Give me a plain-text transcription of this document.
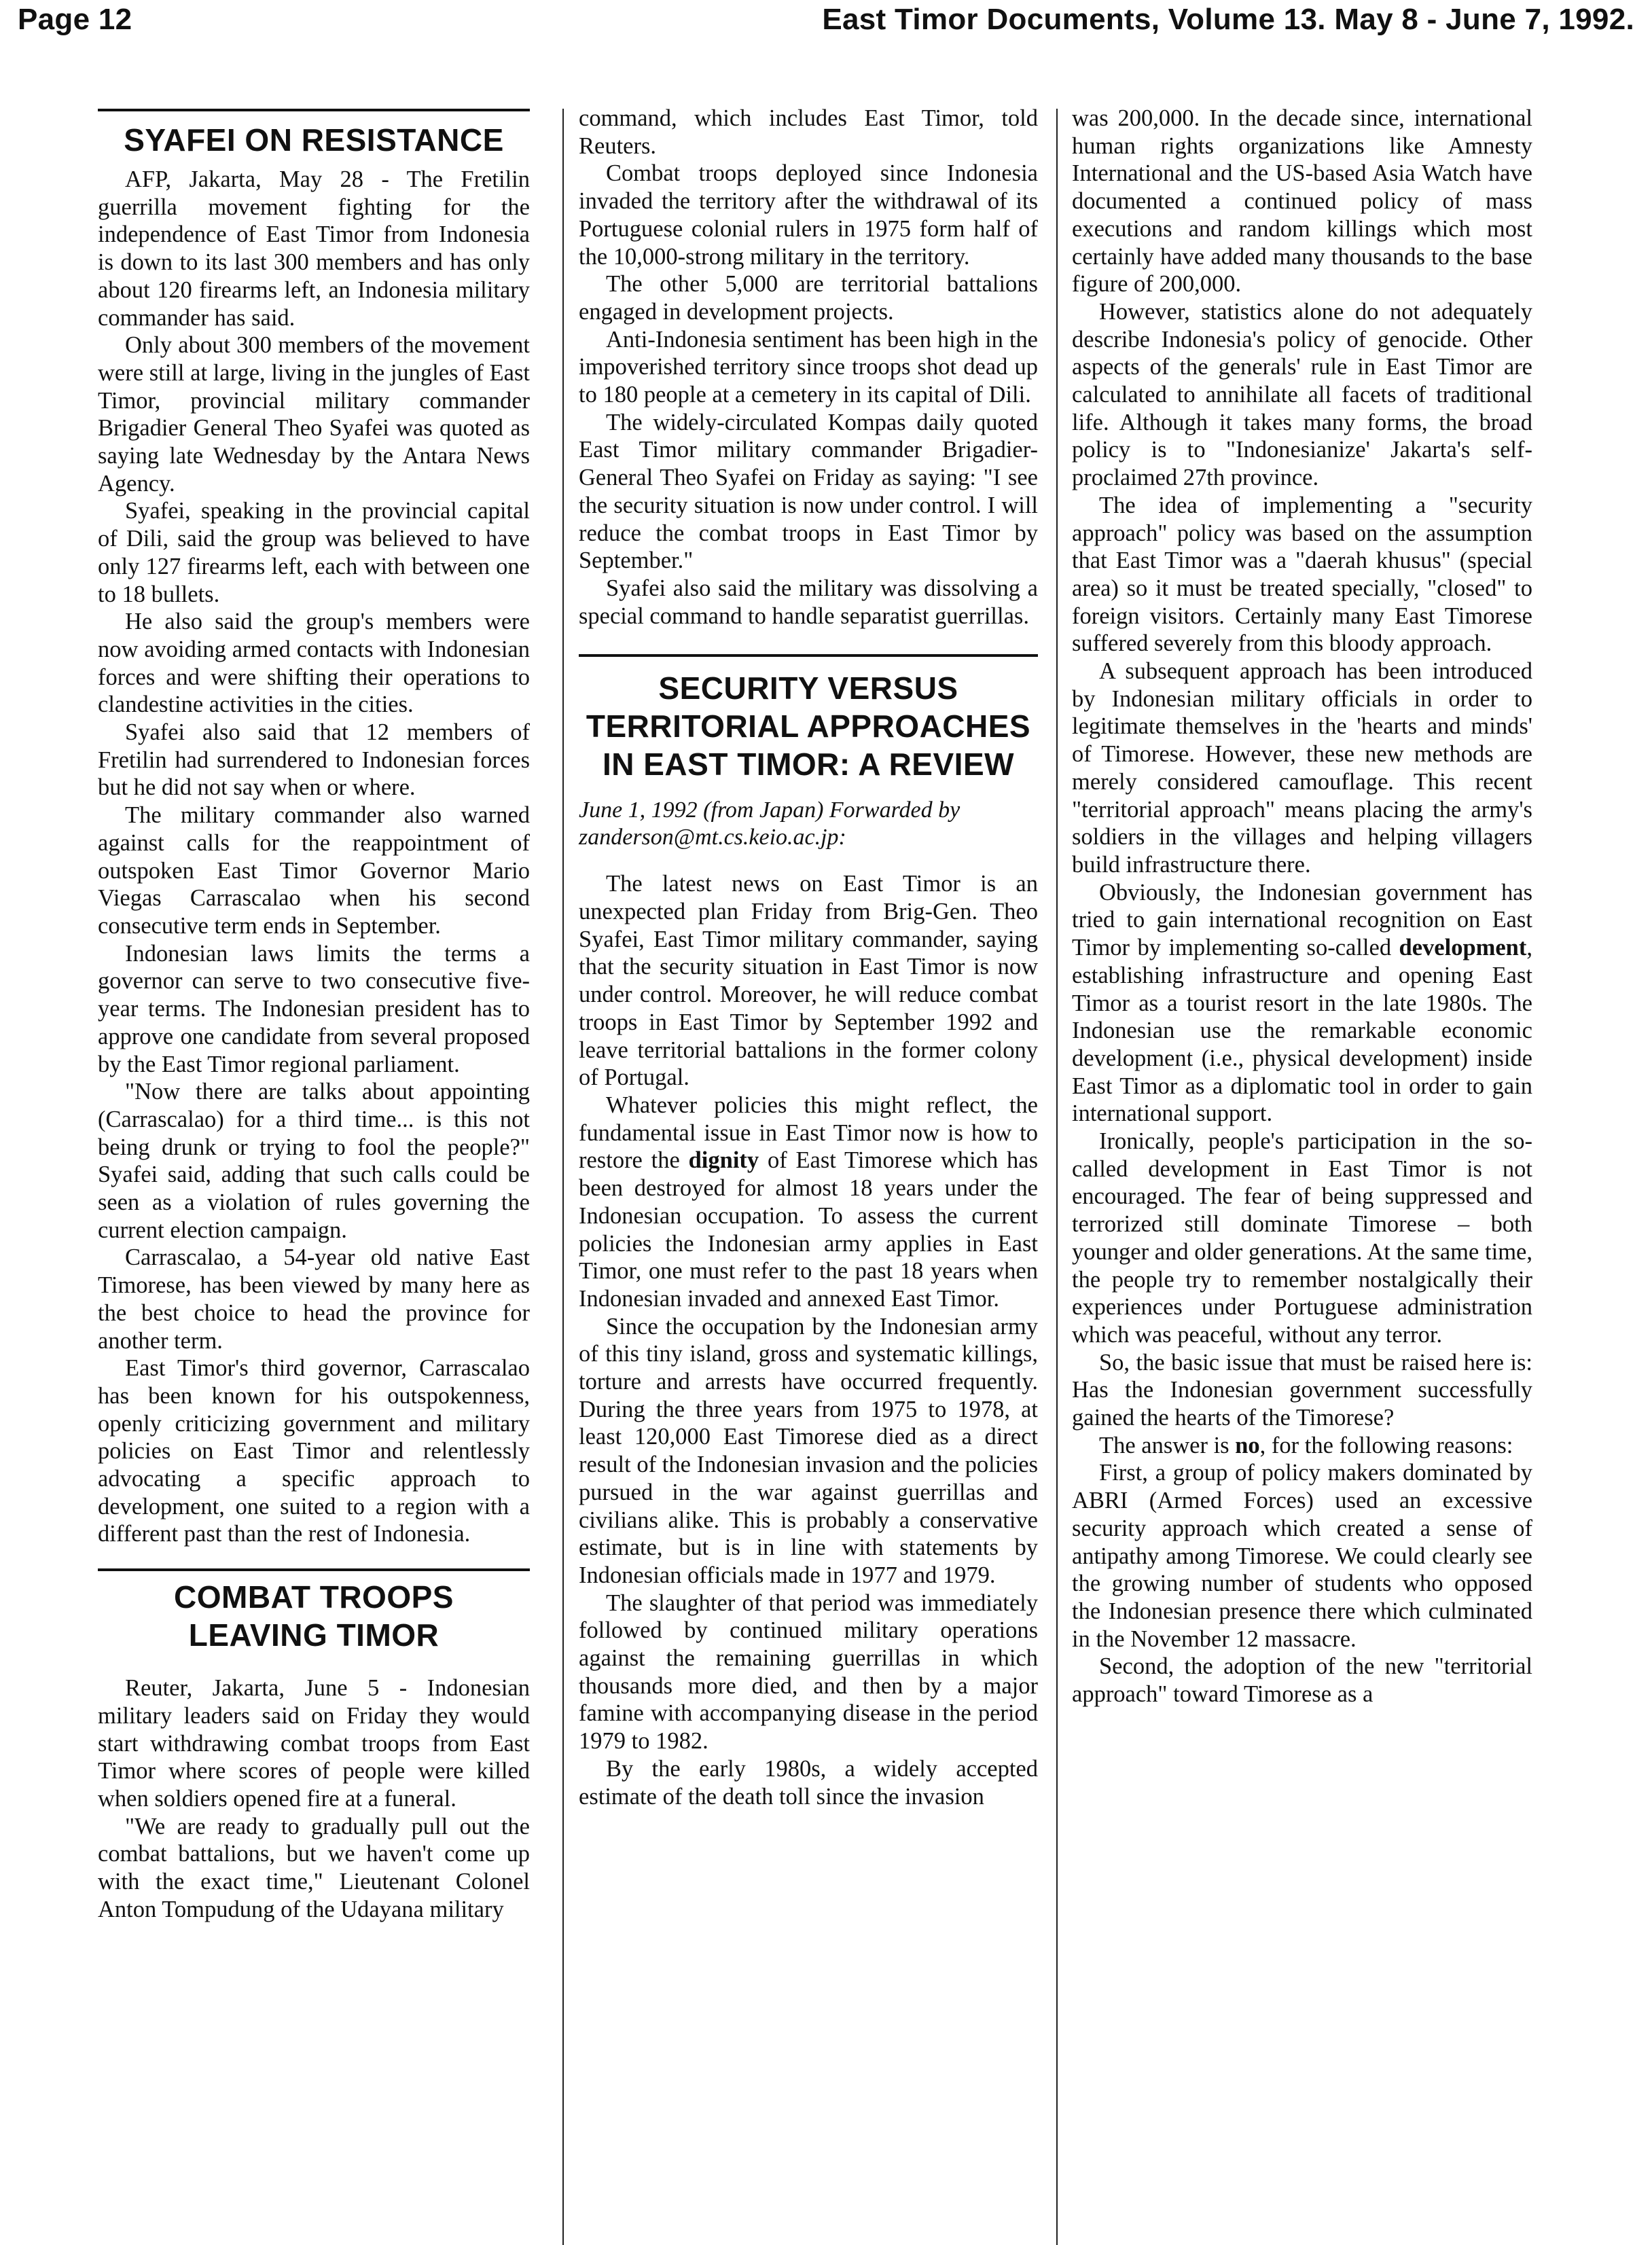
Page 12	East Timor Documents, Volume 13. May 8 - June 7, 1992.
SYAFEI ON RESISTANCE

AFP, Jakarta, May 28 - The Fretilin guerrilla movement fighting for the independence of East Timor from Indonesia is down to its last 300 members and has only about 120 firearms left, an Indonesia military commander has said.

Only about 300 members of the movement were still at large, living in the jungles of East Timor, provincial military commander Brigadier General Theo Syafei was quoted as saying late Wednesday by the Antara News Agency.

Syafei, speaking in the provincial capital of Dili, said the group was believed to have only 127 firearms left, each with between one to 18 bullets.

He also said the group's members were now avoiding armed contacts with Indonesian forces and were shifting their operations to clandestine activities in the cities.

Syafei also said that 12 members of Fretilin had surrendered to Indonesian forces but he did not say when or where.

The military commander also warned against calls for the reappointment of outspoken East Timor Governor Mario Viegas Carrascalao when his second consecutive term ends in September.

Indonesian laws limits the terms a governor can serve to two consecutive five-year terms. The Indonesian president has to approve one candidate from several proposed by the East Timor regional parliament.

"Now there are talks about appointing (Carrascalao) for a third time... is this not being drunk or trying to fool the people?" Syafei said, adding that such calls could be seen as a violation of rules governing the current election campaign.

Carrascalao, a 54-year old native East Timorese, has been viewed by many here as the best choice to head the province for another term.

East Timor's third governor, Carrascalao has been known for his outspokenness, openly criticizing government and military policies on East Timor and relentlessly advocating a specific approach to development, one suited to a region with a different past than the rest of Indonesia.

COMBAT TROOPS
LEAVING TIMOR

Reuter, Jakarta, June 5 - Indonesian military leaders said on Friday they would start withdrawing combat troops from East Timor where scores of people were killed when soldiers opened fire at a funeral.

"We are ready to gradually pull out the combat battalions, but we haven't come up with the exact time," Lieutenant Colonel Anton Tompudung of the Udayana military

command, which includes East Timor, told Reuters.

Combat troops deployed since Indonesia invaded the territory after the withdrawal of its Portuguese colonial rulers in 1975 form half of the 10,000-strong military in the territory.

The other 5,000 are territorial battalions engaged in development projects.

Anti-Indonesia sentiment has been high in the impoverished territory since troops shot dead up to 180 people at a cemetery in its capital of Dili.

The widely-circulated Kompas daily quoted East Timor military commander Brigadier-General Theo Syafei on Friday as saying: "I see the security situation is now under control. I will reduce the combat troops in East Timor by September."

Syafei also said the military was dissolving a special command to handle separatist guerrillas.

SECURITY VERSUS
TERRITORIAL APPROACHES
IN EAST TIMOR: A REVIEW
June 1, 1992 (from Japan) Forwarded by
zanderson@mt.cs.keio.ac.jp:

The latest news on East Timor is an unexpected plan Friday from Brig-Gen. Theo Syafei, East Timor military commander, saying that the security situation in East Timor is now under control. Moreover, he will reduce combat troops in East Timor by September 1992 and leave territorial battalions in the former colony of Portugal.

Whatever policies this might reflect, the fundamental issue in East Timor now is how to restore the dignity of East Timorese which has been destroyed for almost 18 years under the Indonesian occupation. To assess the current policies the Indonesian army applies in East Timor, one must refer to the past 18 years when Indonesian invaded and annexed East Timor.

Since the occupation by the Indonesian army of this tiny island, gross and systematic killings, torture and arrests have occurred frequently. During the three years from 1975 to 1978, at least 120,000 East Timorese died as a direct result of the Indonesian invasion and the policies pursued in the war against guerrillas and civilians alike. This is probably a conservative estimate, but is in line with statements by Indonesian officials made in 1977 and 1979.

The slaughter of that period was immediately followed by continued military operations against the remaining guerrillas in which thousands more died, and then by a major famine with accompanying disease in the period 1979 to 1982.

By the early 1980s, a widely accepted estimate of the death toll since the invasion

was 200,000. In the decade since, international human rights organizations like Amnesty International and the US-based Asia Watch have documented a continued policy of mass executions and random killings which most certainly have added many thousands to the base figure of 200,000.

However, statistics alone do not adequately describe Indonesia's policy of genocide. Other aspects of the generals' rule in East Timor are calculated to annihilate all facets of traditional life. Although it takes many forms, the broad policy is to "Indonesianize' Jakarta's self-proclaimed 27th province.

The idea of implementing a "security approach" policy was based on the assumption that East Timor was a "daerah khusus" (special area) so it must be treated specially, "closed" to foreign visitors. Certainly many East Timorese suffered severely from this bloody approach.

A subsequent approach has been introduced by Indonesian military officials in order to legitimate themselves in the 'hearts and minds' of Timorese. However, these new methods are merely considered camouflage. This recent "territorial approach" means placing the army's soldiers in the villages and helping villagers build infrastructure there.

Obviously, the Indonesian government has tried to gain international recognition on East Timor by implementing so-called development, establishing infrastructure and opening East Timor as a tourist resort in the late 1980s. The Indonesian use the remarkable economic development (i.e., physical development) inside East Timor as a diplomatic tool in order to gain international support.

Ironically, people's participation in the so-called development in East Timor is not encouraged. The fear of being suppressed and terrorized still dominate Timorese – both younger and older generations. At the same time, the people try to remember nostalgically their experiences under Portuguese administration which was peaceful, without any terror.

So, the basic issue that must be raised here is: Has the Indonesian government successfully gained the hearts of the Timorese?

The answer is no, for the following reasons:

First, a group of policy makers dominated by ABRI (Armed Forces) used an excessive security approach which created a sense of antipathy among Timorese. We could clearly see the growing number of students who opposed the Indonesian presence there which culminated in the November 12 massacre.

Second, the adoption of the new "territorial approach" toward Timorese as a
